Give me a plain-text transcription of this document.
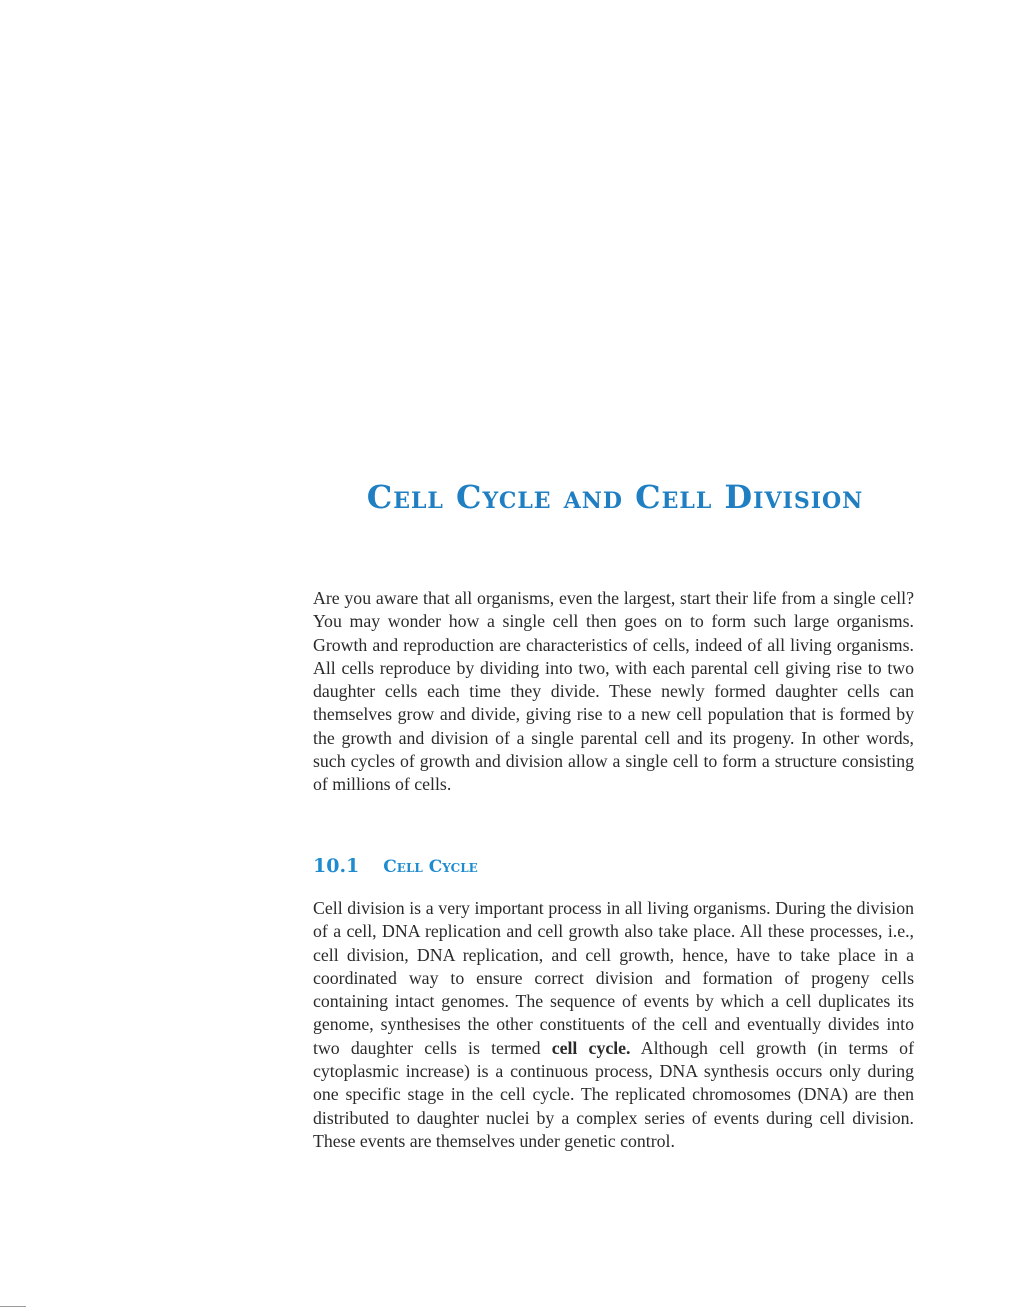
Cell Cycle and Cell Division

Are you aware that all organisms, even the largest, start their life from a single cell? You may wonder how a single cell then goes on to form such large organisms. Growth and reproduction are characteristics of cells, indeed of all living organisms. All cells reproduce by dividing into two, with each parental cell giving rise to two daughter cells each time they divide. These newly formed daughter cells can themselves grow and divide, giving rise to a new cell population that is formed by the growth and division of a single parental cell and its progeny. In other words, such cycles of growth and division allow a single cell to form a structure consisting of millions of cells.

10.1 Cell Cycle

Cell division is a very important process in all living organisms. During the division of a cell, DNA replication and cell growth also take place. All these processes, i.e., cell division, DNA replication, and cell growth, hence, have to take place in a coordinated way to ensure correct division and formation of progeny cells containing intact genomes. The sequence of events by which a cell duplicates its genome, synthesises the other constituents of the cell and eventually divides into two daughter cells is termed cell cycle. Although cell growth (in terms of cytoplasmic increase) is a continuous process, DNA synthesis occurs only during one specific stage in the cell cycle. The replicated chromosomes (DNA) are then distributed to daughter nuclei by a complex series of events during cell division. These events are themselves under genetic control.
